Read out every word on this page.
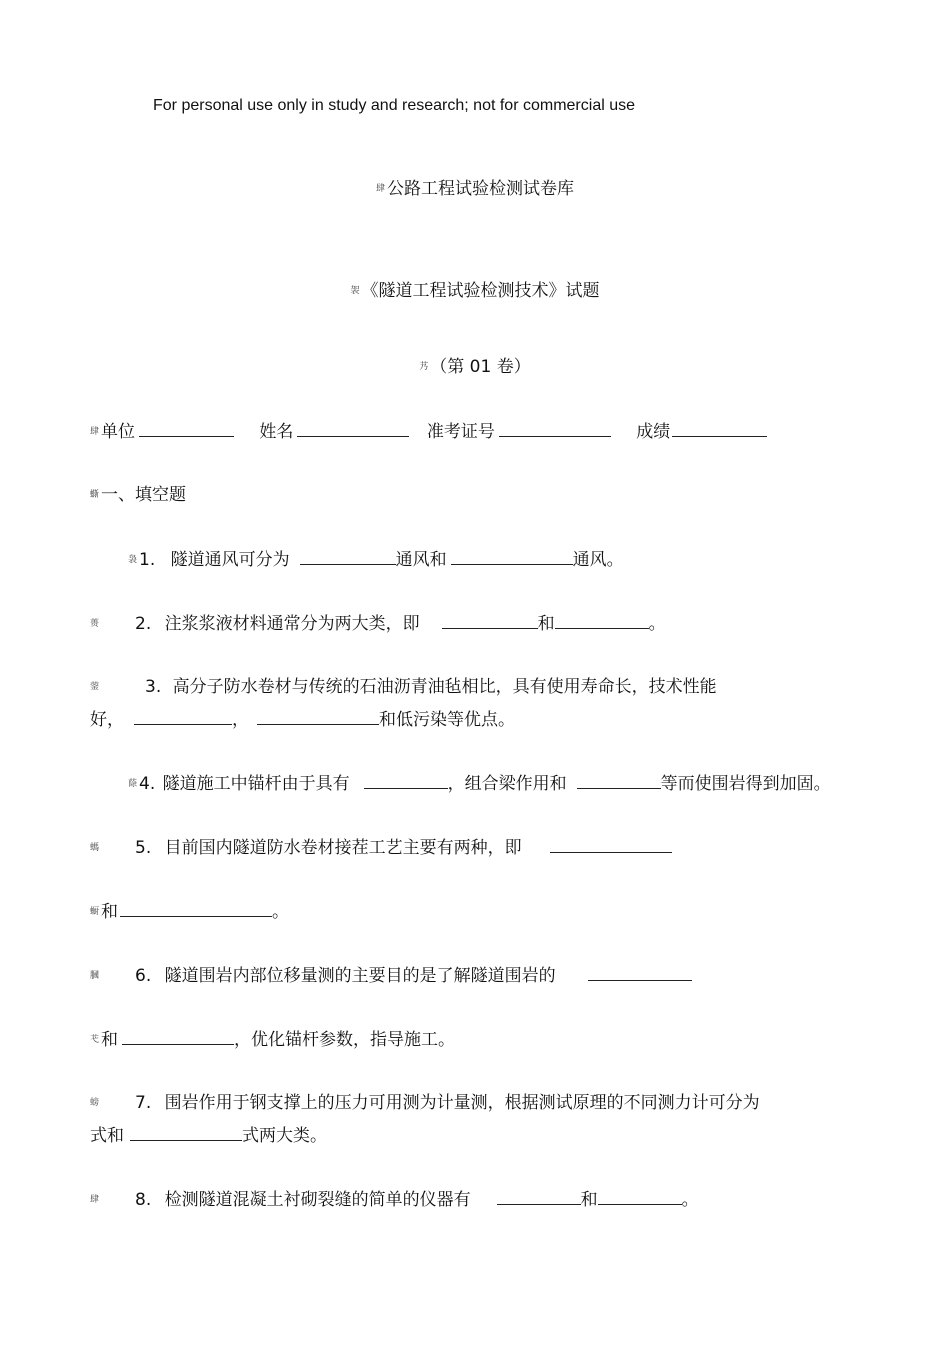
For personal use only in study and research; not for commercial use
肆 公路工程试验检测试卷库
袈 《隧道工程试验检测技术》试题
艿 （第 01 卷）
肆 单位	姓名	准考证号	成绩
蟖 一、填空题
袅 1. 隧道通风可分为	通风和	通风。
蒉 2. 注浆浆液材料通常分为两大类，即	和	。
蓥	3. 高分子防水卷材与传统的石油沥青油毡相比，具有使用寿命长，技术性能
好，	，	和低污染等优点。
蒢 4. 隧道施工中锚杆由于具有	，组合梁作用和	等而使围岩得到加固。
螞 5. 目前国内隧道防水卷材接茬工艺主要有两种，即
蟵 和	。
膕 6. 隧道围岩内部位移量测的主要目的是了解隧道围岩的
芅 和	，优化锚杆参数，指导施工。
螃 7. 围岩作用于钢支撑上的压力可用测为计量测，根据测试原理的不同测力计可分为
式和	式两大类。
肆 8. 检测隧道混凝土衬砌裂缝的简单的仪器有	和	。
